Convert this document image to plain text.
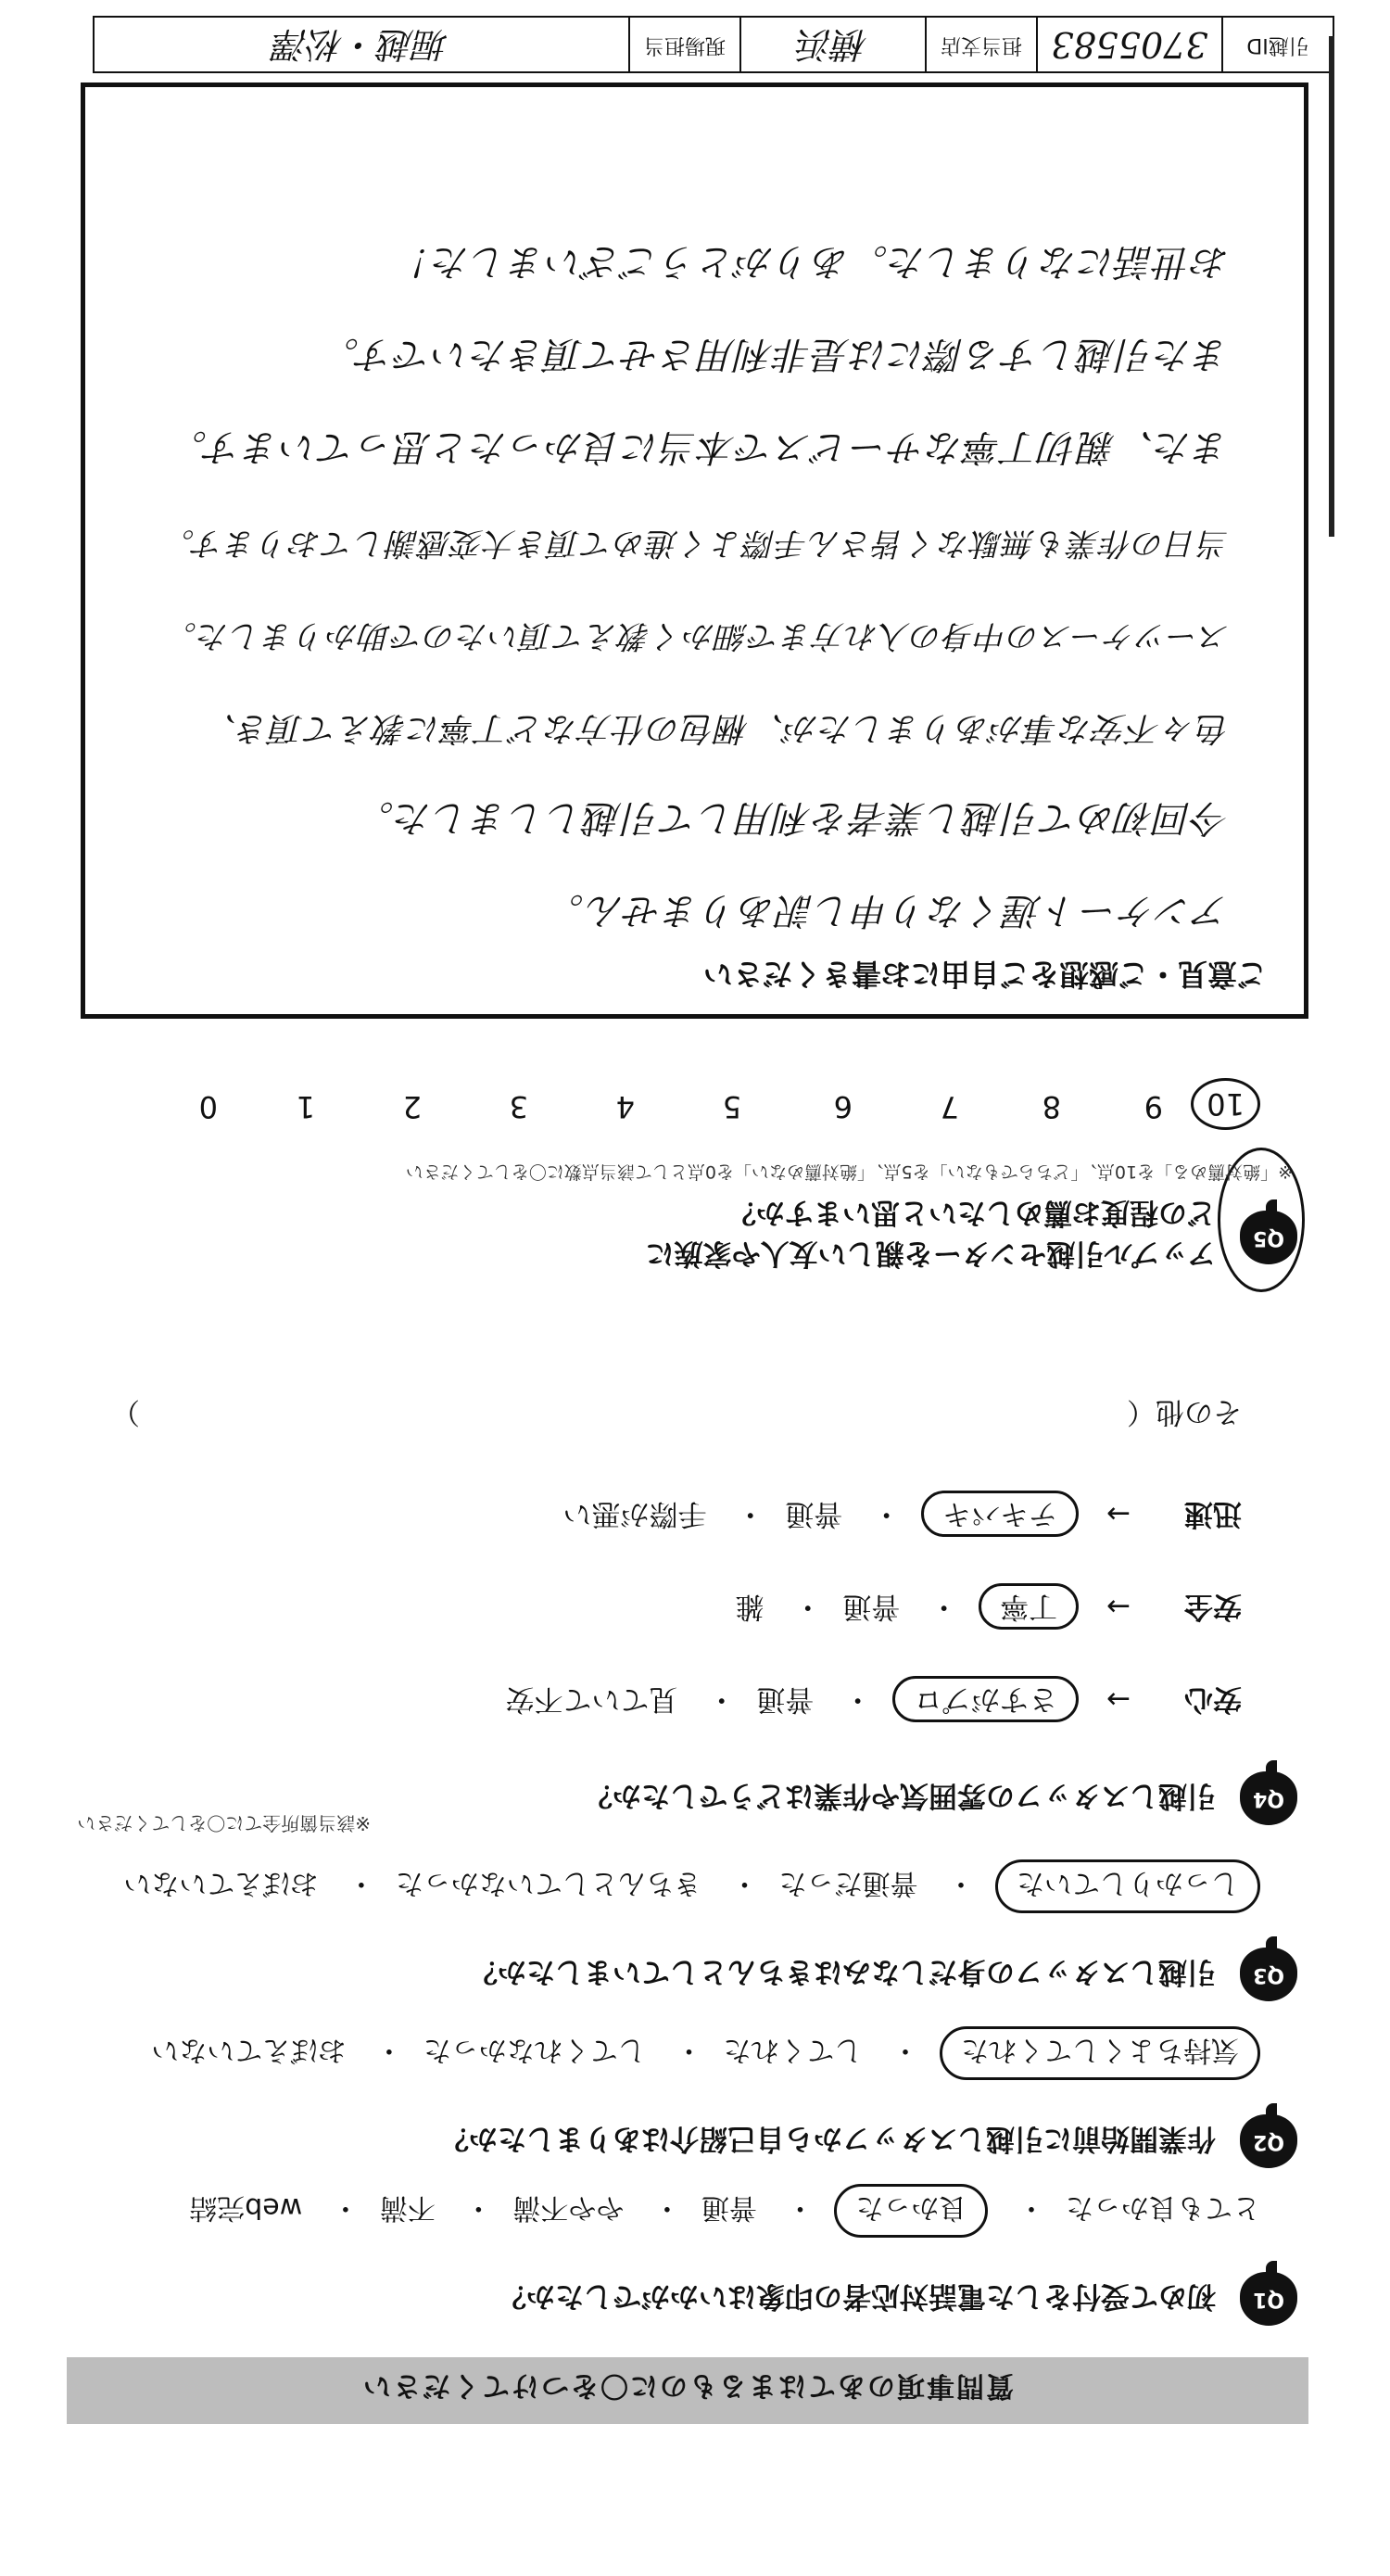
質問事項のあてはまるものに〇をつけてください
Q1
初めて受付をした電話対応者の印象はいかがでしたか？
とても良かった・ 良かった・ 普通・ やや不満・ 不満・ web完結
Q2
作業開始前に引越しスタッフから自己紹介はありましたか？
気持ちよくしてくれた・ してくれた・ してくれなかった・ おぼえていない
Q3
引越しスタッフの身だしなみはきちんとしていましたか？
しっかりしていた・ 普通だった・ きちんとしていなかった・ おぼえていない
Q4
引越しスタッフの雰囲気や作業はどうでしたか？
※該当箇所全てに〇をしてください
安心→ さすがプロ・ 普通・ 見ていて不安
安全→ 丁寧・ 普通・ 雑
迅速→ テキパキ・ 普通・ 手際が悪い
その他（
）
Q5
アップル引越センターを親しい友人や家族に
どの程度お薦めしたいと思いますか？
※「絶対薦める」を10点、「どちらでもない」を5点、「絶対薦めない」を0点として該当点数に〇をしてください
10
9
8
7
6
5
4
3
2
1
0
ご意見・ご感想をご自由にお書きください
アンケート遅くなり申し訳ありません。
今回初めて引越し業者を利用して引越ししました。
色々不安な事がありましたが、梱包の仕方など丁寧に教えて頂き、
スーツケースの中身の入れ方まで細かく教えて頂いたので助かりました。
当日の作業も無駄なく皆さん手際よく進めて頂き大変感謝しております。
また、親切丁寧なサービスで本当に良かったと思っています。
また引越しする際には是非利用させて頂きたいです。
お世話になりました。ありがとうございました！
引越ID
3705583
担当支店
横浜
現場担当
堀越・松澤
